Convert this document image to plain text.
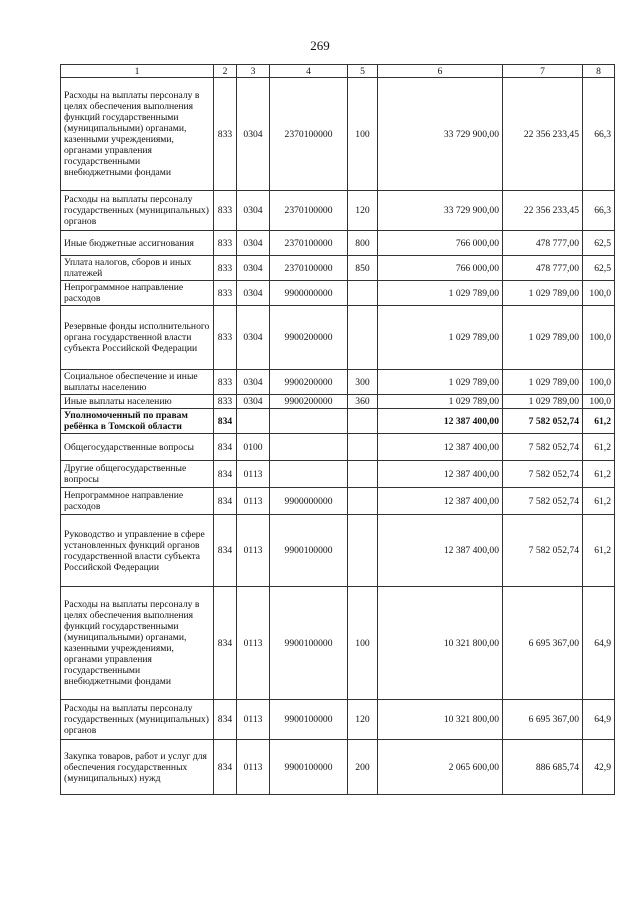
269
1	2	3	4	5	6	7	8
Расходы на выплаты персоналу в целях обеспечения выполнения функций государственными (муниципальными) органами, казенными учреждениями, органами управления государственными внебюджетными фондами	833	0304	2370100000	100	33 729 900,00	22 356 233,45	66,3
Расходы на выплаты персоналу государственных (муниципальных) органов	833	0304	2370100000	120	33 729 900,00	22 356 233,45	66,3
Иные бюджетные ассигнования	833	0304	2370100000	800	766 000,00	478 777,00	62,5
Уплата налогов, сборов и иных платежей	833	0304	2370100000	850	766 000,00	478 777,00	62,5
Непрограммное направление расходов	833	0304	9900000000		1 029 789,00	1 029 789,00	100,0
Резервные фонды исполнительного органа государственной власти субъекта Российской Федерации	833	0304	9900200000		1 029 789,00	1 029 789,00	100,0
Социальное обеспечение и иные выплаты населению	833	0304	9900200000	300	1 029 789,00	1 029 789,00	100,0
Иные выплаты населению	833	0304	9900200000	360	1 029 789,00	1 029 789,00	100,0
Уполномоченный по правам ребёнка в Томской области	834				12 387 400,00	7 582 052,74	61,2
Общегосударственные вопросы	834	0100			12 387 400,00	7 582 052,74	61,2
Другие общегосударственные вопросы	834	0113			12 387 400,00	7 582 052,74	61,2
Непрограммное направление расходов	834	0113	9900000000		12 387 400,00	7 582 052,74	61,2
Руководство и управление в сфере установленных функций органов государственной власти субъекта Российской Федерации	834	0113	9900100000		12 387 400,00	7 582 052,74	61,2
Расходы на выплаты персоналу в целях обеспечения выполнения функций государственными (муниципальными) органами, казенными учреждениями, органами управления государственными внебюджетными фондами	834	0113	9900100000	100	10 321 800,00	6 695 367,00	64,9
Расходы на выплаты персоналу государственных (муниципальных) органов	834	0113	9900100000	120	10 321 800,00	6 695 367,00	64,9
Закупка товаров, работ и услуг для обеспечения государственных (муниципальных) нужд	834	0113	9900100000	200	2 065 600,00	886 685,74	42,9
